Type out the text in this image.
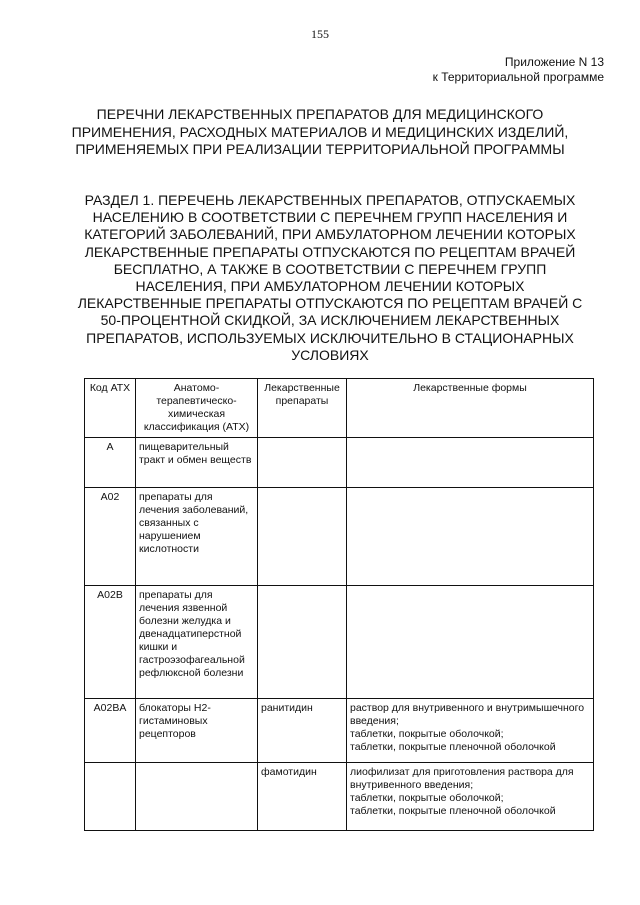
155
Приложение N 13
к Территориальной программе
ПЕРЕЧНИ ЛЕКАРСТВЕННЫХ ПРЕПАРАТОВ ДЛЯ МЕДИЦИНСКОГО ПРИМЕНЕНИЯ, РАСХОДНЫХ МАТЕРИАЛОВ И МЕДИЦИНСКИХ ИЗДЕЛИЙ, ПРИМЕНЯЕМЫХ ПРИ РЕАЛИЗАЦИИ ТЕРРИТОРИАЛЬНОЙ ПРОГРАММЫ
РАЗДЕЛ 1. ПЕРЕЧЕНЬ ЛЕКАРСТВЕННЫХ ПРЕПАРАТОВ, ОТПУСКАЕМЫХ НАСЕЛЕНИЮ В СООТВЕТСТВИИ С ПЕРЕЧНЕМ ГРУПП НАСЕЛЕНИЯ И КАТЕГОРИЙ ЗАБОЛЕВАНИЙ, ПРИ АМБУЛАТОРНОМ ЛЕЧЕНИИ КОТОРЫХ ЛЕКАРСТВЕННЫЕ ПРЕПАРАТЫ ОТПУСКАЮТСЯ ПО РЕЦЕПТАМ ВРАЧЕЙ БЕСПЛАТНО, А ТАКЖЕ В СООТВЕТСТВИИ С ПЕРЕЧНЕМ ГРУПП НАСЕЛЕНИЯ, ПРИ АМБУЛАТОРНОМ ЛЕЧЕНИИ КОТОРЫХ ЛЕКАРСТВЕННЫЕ ПРЕПАРАТЫ ОТПУСКАЮТСЯ ПО РЕЦЕПТАМ ВРАЧЕЙ С 50-ПРОЦЕНТНОЙ СКИДКОЙ, ЗА ИСКЛЮЧЕНИЕМ ЛЕКАРСТВЕННЫХ ПРЕПАРАТОВ, ИСПОЛЬЗУЕМЫХ ИСКЛЮЧИТЕЛЬНО В СТАЦИОНАРНЫХ УСЛОВИЯХ
Код АТХ	Анатомо-терапевтическо-химическая классификация (АТХ)	Лекарственные препараты	Лекарственные формы
A	пищеварительный тракт и обмен веществ		
A02	препараты для лечения заболеваний, связанных с нарушением кислотности		
A02B	препараты для лечения язвенной болезни желудка и двенадцатиперстной кишки и гастроэзофагеальной рефлюксной болезни		
A02BA	блокаторы H2-гистаминовых рецепторов	ранитидин	раствор для внутривенного и внутримышечного введения;
таблетки, покрытые оболочкой;
таблетки, покрытые пленочной оболочкой

		фамотидин	лиофилизат для приготовления раствора для внутривенного введения;
таблетки, покрытые оболочкой;
таблетки, покрытые пленочной оболочкой
